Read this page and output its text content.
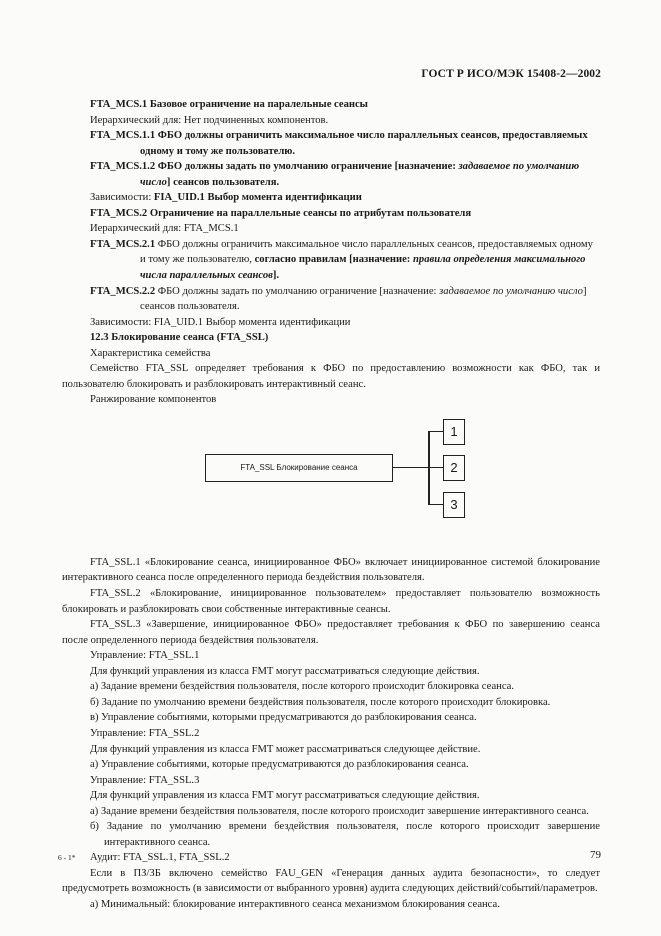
ГОСТ Р ИСО/МЭК 15408-2—2002

FTA_MCS.1 Базовое ограничение на паралельные сеансы

Иерархический для: Нет подчиненных компонентов.

FTA_MCS.1.1 ФБО должны ограничить максимальное число параллельных сеансов, предоставляемых одному и тому же пользователю.

FTA_MCS.1.2 ФБО должны задать по умолчанию ограничение [назначение: задаваемое по умолчанию число] сеансов пользователя.

Зависимости: FIA_UID.1 Выбор момента идентификации

FTA_MCS.2 Ограничение на параллельные сеансы по атрибутам пользователя

Иерархический для: FTA_MCS.1

FTA_MCS.2.1 ФБО должны ограничить максимальное число параллельных сеансов, предоставляемых одному и тому же пользователю, согласно правилам [назначение: правила определения максимального числа параллельных сеансов].

FTA_MCS.2.2 ФБО должны задать по умолчанию ограничение [назначение: задаваемое по умолчанию число] сеансов пользователя.

Зависимости: FIA_UID.1 Выбор момента идентификации

12.3 Блокирование сеанса (FTA_SSL)

Характеристика семейства

Семейство FTA_SSL определяет требования к ФБО по предоставлению возможности как ФБО, так и пользователю блокировать и разблокировать интерактивный сеанс.

Ранжирование компонентов

FTA_SSL Блокирование сеанса
1
2
3

FTA_SSL.1 «Блокирование сеанса, инициированное ФБО» включает инициированное системой блокирование интерактивного сеанса после определенного периода бездействия пользователя.

FTA_SSL.2 «Блокирование, инициированное пользователем» предоставляет пользователю возможность блокировать и разблокировать свои собственные интерактивные сеансы.

FTA_SSL.3 «Завершение, инициированное ФБО» предоставляет требования к ФБО по завершению сеанса после определенного периода бездействия пользователя.

Управление: FTA_SSL.1

Для функций управления из класса FMT могут рассматриваться следующие действия.

а) Задание времени бездействия пользователя, после которого происходит блокировка сеанса.

б) Задание по умолчанию времени бездействия пользователя, после которого происходит блокировка.

в) Управление событиями, которыми предусматриваются до разблокирования сеанса.

Управление: FTA_SSL.2

Для функций управления из класса FMT может рассматриваться следующее действие.

а) Управление событиями, которые предусматриваются до разблокирования сеанса.

Управление: FTA_SSL.3

Для функций управления из класса FMT могут рассматриваться следующие действия.

а) Задание времени бездействия пользователя, после которого происходит завершение интерактивного сеанса.

б) Задание по умолчанию времени бездействия пользователя, после которого происходит завершение интерактивного сеанса.

Аудит: FTA_SSL.1, FTA_SSL.2

Если в ПЗ/ЗБ включено семейство FAU_GEN «Генерация данных аудита безопасности», то следует предусмотреть возможность (в зависимости от выбранного уровня) аудита следующих действий/событий/параметров.

а) Минимальный: блокирование интерактивного сеанса механизмом блокирования сеанса.

6 - 1*	79
